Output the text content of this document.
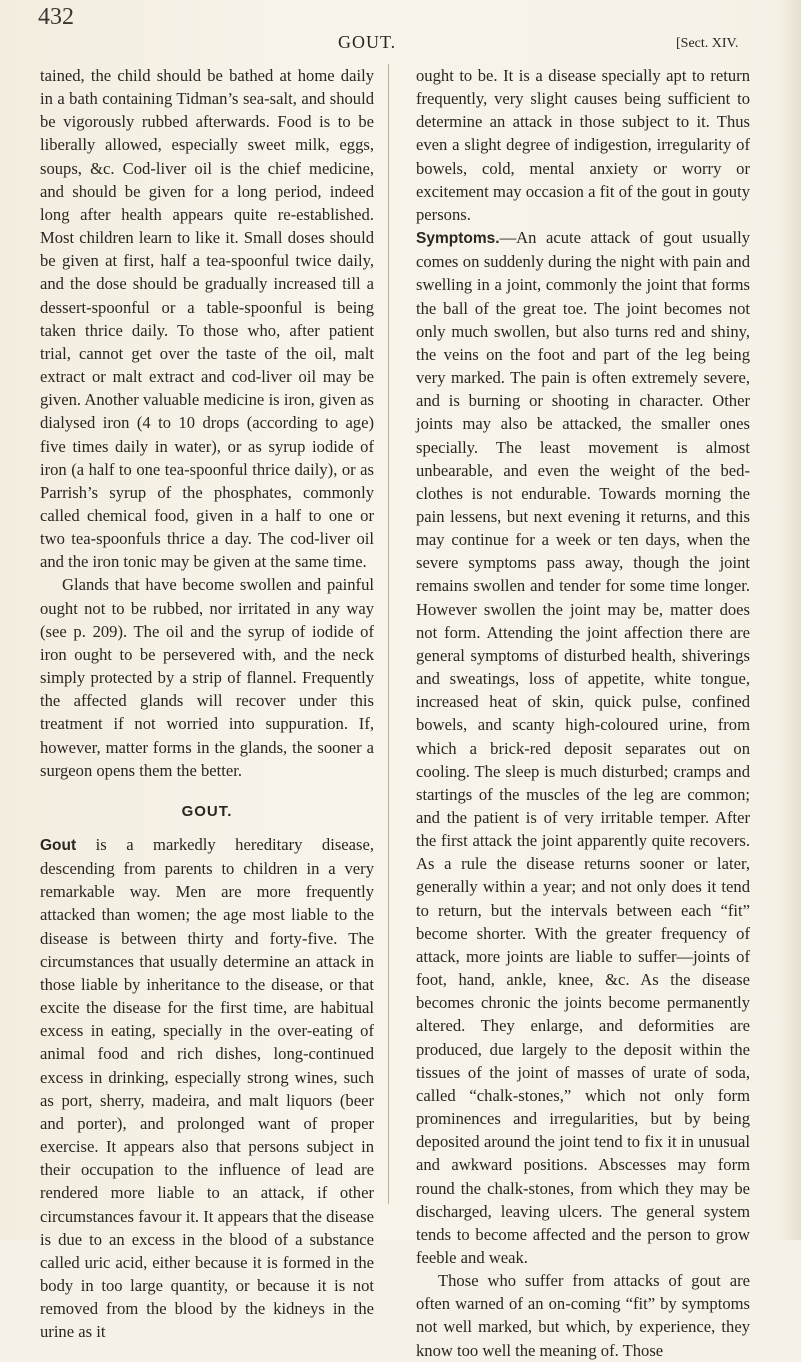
432
GOUT.	[Sect. XIV.

tained, the child should be bathed at home daily in a bath containing Tidman’s sea-salt, and should be vigorously rubbed afterwards. Food is to be liberally allowed, especially sweet milk, eggs, soups, &c. Cod-liver oil is the chief medicine, and should be given for a long period, indeed long after health appears quite re-established. Most children learn to like it. Small doses should be given at first, half a tea-spoonful twice daily, and the dose should be gradually increased till a dessert-spoonful or a table-spoonful is being taken thrice daily. To those who, after patient trial, cannot get over the taste of the oil, malt extract or malt extract and cod-liver oil may be given. Another valuable medicine is iron, given as dialysed iron (4 to 10 drops (according to age) five times daily in water), or as syrup iodide of iron (a half to one tea-spoonful thrice daily), or as Parrish’s syrup of the phosphates, commonly called chemical food, given in a half to one or two tea-spoonfuls thrice a day. The cod-liver oil and the iron tonic may be given at the same time.

Glands that have become swollen and painful ought not to be rubbed, nor irritated in any way (see p. 209). The oil and the syrup of iodide of iron ought to be persevered with, and the neck simply protected by a strip of flannel. Frequently the affected glands will recover under this treatment if not worried into suppuration. If, however, matter forms in the glands, the sooner a surgeon opens them the better.

GOUT.

Gout is a markedly hereditary disease, descending from parents to children in a very remarkable way. Men are more frequently attacked than women; the age most liable to the disease is between thirty and forty-five. The circumstances that usually determine an attack in those liable by inheritance to the disease, or that excite the disease for the first time, are habitual excess in eating, specially in the over-eating of animal food and rich dishes, long-continued excess in drinking, especially strong wines, such as port, sherry, madeira, and malt liquors (beer and porter), and prolonged want of proper exercise. It appears also that persons subject in their occupation to the influence of lead are rendered more liable to an attack, if other circumstances favour it. It appears that the disease is due to an excess in the blood of a substance called uric acid, either because it is formed in the body in too large quantity, or because it is not removed from the blood by the kidneys in the urine as it

ought to be. It is a disease specially apt to return frequently, very slight causes being sufficient to determine an attack in those subject to it. Thus even a slight degree of indigestion, irregularity of bowels, cold, mental anxiety or worry or excitement may occasion a fit of the gout in gouty persons.

Symptoms.—An acute attack of gout usually comes on suddenly during the night with pain and swelling in a joint, commonly the joint that forms the ball of the great toe. The joint becomes not only much swollen, but also turns red and shiny, the veins on the foot and part of the leg being very marked. The pain is often extremely severe, and is burning or shooting in character. Other joints may also be attacked, the smaller ones specially. The least movement is almost unbearable, and even the weight of the bed-clothes is not endurable. Towards morning the pain lessens, but next evening it returns, and this may continue for a week or ten days, when the severe symptoms pass away, though the joint remains swollen and tender for some time longer. However swollen the joint may be, matter does not form. Attending the joint affection there are general symptoms of disturbed health, shiverings and sweatings, loss of appetite, white tongue, increased heat of skin, quick pulse, confined bowels, and scanty high-coloured urine, from which a brick-red deposit separates out on cooling. The sleep is much disturbed; cramps and startings of the muscles of the leg are common; and the patient is of very irritable temper. After the first attack the joint apparently quite recovers. As a rule the disease returns sooner or later, generally within a year; and not only does it tend to return, but the intervals between each “fit” become shorter. With the greater frequency of attack, more joints are liable to suffer—joints of foot, hand, ankle, knee, &c. As the disease becomes chronic the joints become permanently altered. They enlarge, and deformities are produced, due largely to the deposit within the tissues of the joint of masses of urate of soda, called “chalk-stones,” which not only form prominences and irregularities, but by being deposited around the joint tend to fix it in unusual and awkward positions. Abscesses may form round the chalk-stones, from which they may be discharged, leaving ulcers. The general system tends to become affected and the person to grow feeble and weak.

Those who suffer from attacks of gout are often warned of an on-coming “fit” by symptoms not well marked, but which, by experience, they know too well the meaning of. Those
